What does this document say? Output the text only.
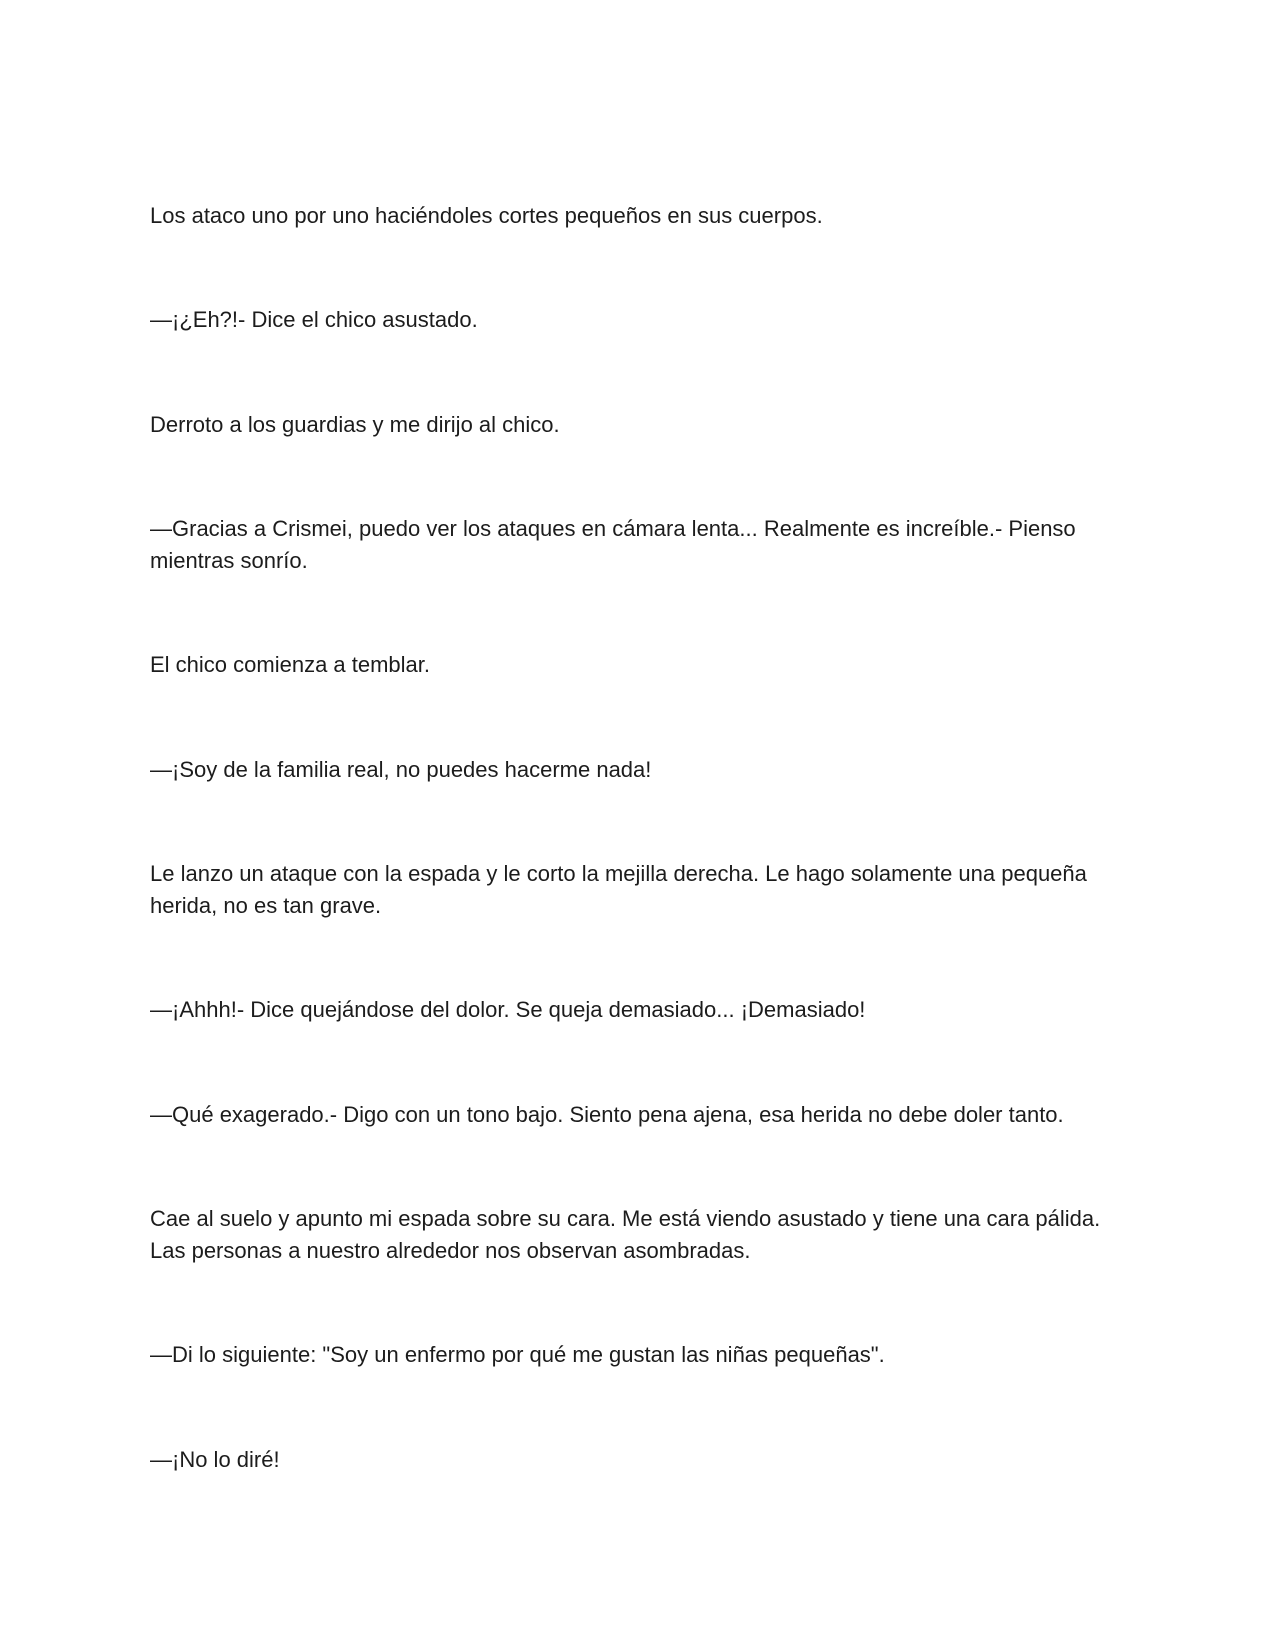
Los ataco uno por uno haciéndoles cortes pequeños en sus cuerpos.

—¡¿Eh?!- Dice el chico asustado.

Derroto a los guardias y me dirijo al chico.

—Gracias a Crismei, puedo ver los ataques en cámara lenta... Realmente es increíble.- Pienso mientras sonrío.

El chico comienza a temblar.

—¡Soy de la familia real, no puedes hacerme nada!

Le lanzo un ataque con la espada y le corto la mejilla derecha. Le hago solamente una pequeña herida, no es tan grave.

—¡Ahhh!- Dice quejándose del dolor. Se queja demasiado... ¡Demasiado!

—Qué exagerado.- Digo con un tono bajo. Siento pena ajena, esa herida no debe doler tanto.

Cae al suelo y apunto mi espada sobre su cara. Me está viendo asustado y tiene una cara pálida. Las personas a nuestro alrededor nos observan asombradas.

—Di lo siguiente: "Soy un enfermo por qué me gustan las niñas pequeñas".

—¡No lo diré!
